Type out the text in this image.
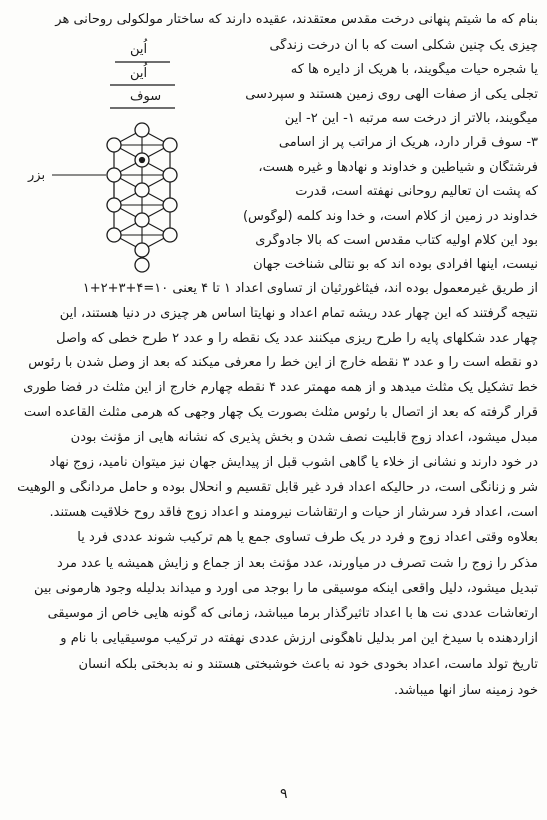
اُین
اُین
سوف
بزر
بنام که ما شیتم پنهانی درخت مقدس معتقدند، عقیده دارند که ساختار مولکولی روحانی هر
چیزی یک چنین شکلی است که با آن درخت زندگی
یا شجره حیات میگویند، با هریک از دایره ها که
تجلی یکی از صفات الهی روی زمین هستند و سپردسی
میگویند، بالاتر از درخت سه مرتبه ۱- اُین ۲- اُین
۳- سوف قرار دارد، هریک از مراتب پر از اسامی
فرشتگان و شیاطین و خداوند و نهادها و غیره هست،
که پشت آن تعالیم روحانی نهفته است، قدرت
خداوند در زمین از کلام است، و خدا وند کلمه (لوگوس)
بود این کلام اولیه کتاب مقدس است که بالا جادوگری
نیست، اینها افرادی بوده اند که بو نتالی شناخت جهان
از طریق غیرمعمول بوده اند، فیثاغورثیان از تساوی اعداد ۱ تا ۴ یعنی ۱۰=۴+۳+۲+۱
نتیجه گرفتند که این چهار عدد ریشه تمام اعداد و نهایتاً اساس هر چیزی در دنیا هستند، این
چهار عدد شکلهای پایه را طرح ریزی میکنند عدد یک نقطه را و عدد ۲ طرح خطی که واصل
دو نقطه است را و عدد ۳ نقطه خارج از این خط را معرفی میکند که بعد از وصل شدن با رئوس
خط تشکیل یک مثلث میدهد و از همه مهمتر عدد ۴ نقطه چهارم خارج از این مثلث در فضا طوری
قرار گرفته که بعد از اتصال با رئوس مثلث بصورت یک چهار وجهی که هرمی مثلث القاعده است
مبدل میشود، اعداد زوج قابلیت نصف شدن و بخش پذیری که نشانه هایی از مؤنث بودن
در خود دارند و نشانی از خلاء یا گاهی آشوب قبل از پیدایش جهان نیز میتوان نامید، زوج نهاد
شر و زنانگی است، در حالیکه اعداد فرد غیر قابل تقسیم و انحلال بوده و حامل مردانگی و الوهیت
است، اعداد فرد سرشار از حیات و ارتقاشات نیرومند و اعداد زوج فاقد روح خلاقیت هستند.
بعلاوه وقتی اعداد زوج و فرد در یک طرف تساوی جمع یا هم ترکیب شوند عددی فرد یا
مذکر را زوج را شت تصرف در میآورند، عدد مؤنث بعد از جماع و زایش همیشه یا عدد مرد
تبدیل میشود، دلیل واقعی اینکه موسیقی ما را بوجد می آورد و میداند بدلیله وجود هارمونی بین
ارتعاشات عددی نت ها با اعداد تأثیرگذار برما میباشد، زمانی که گونه هایی خاص از موسیقی
آزاردهنده با سیدخ این امر بدلیل ناهگونی ارزش عددی نهفته در ترکیب موسیقیایی با نام و
تاریخ تولد ماست، اعداد بخودی خود نه باعث خوشبختی هستند و نه بدبختی بلکه انسان
خود زمینه ساز آنها میباشد.
۹
